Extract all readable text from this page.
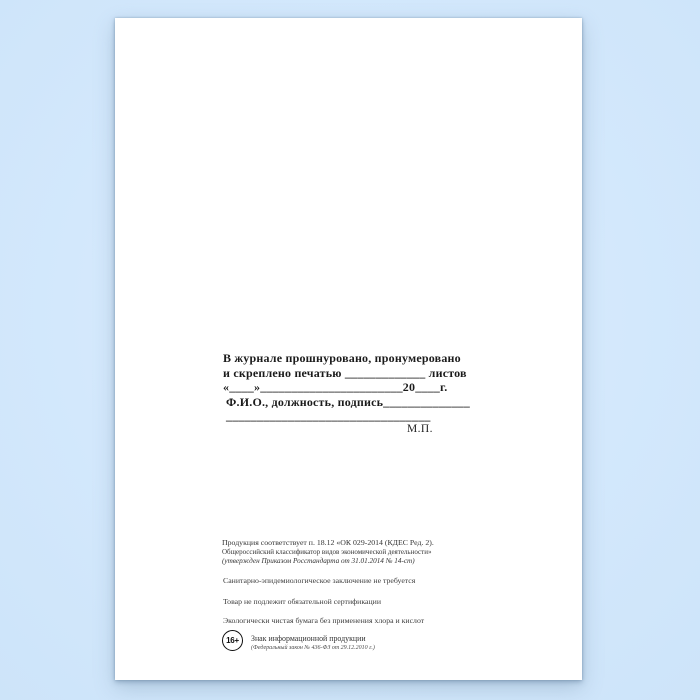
В журнале прошнуровано, пронумеровано
и скреплено печатью _____________ листов
«____»_______________________20____г.
Ф.И.О., должность, подпись______________
_________________________________
М.П.
Продукция соответствует п. 18.12 «ОК 029-2014 (КДЕС Ред. 2).
Общероссийский классификатор видов экономической деятельности»
(утвержден Приказом Росстандарта от 31.01.2014 № 14-ст)
Санитарно-эпидемиологическое заключение не требуется
Товар не подлежит обязательной сертификации
Экологически чистая бумага без применения хлора и кислот
16+	Знак информационной продукции
(Федеральный закон № 436-ФЗ от 29.12.2010 г.)
